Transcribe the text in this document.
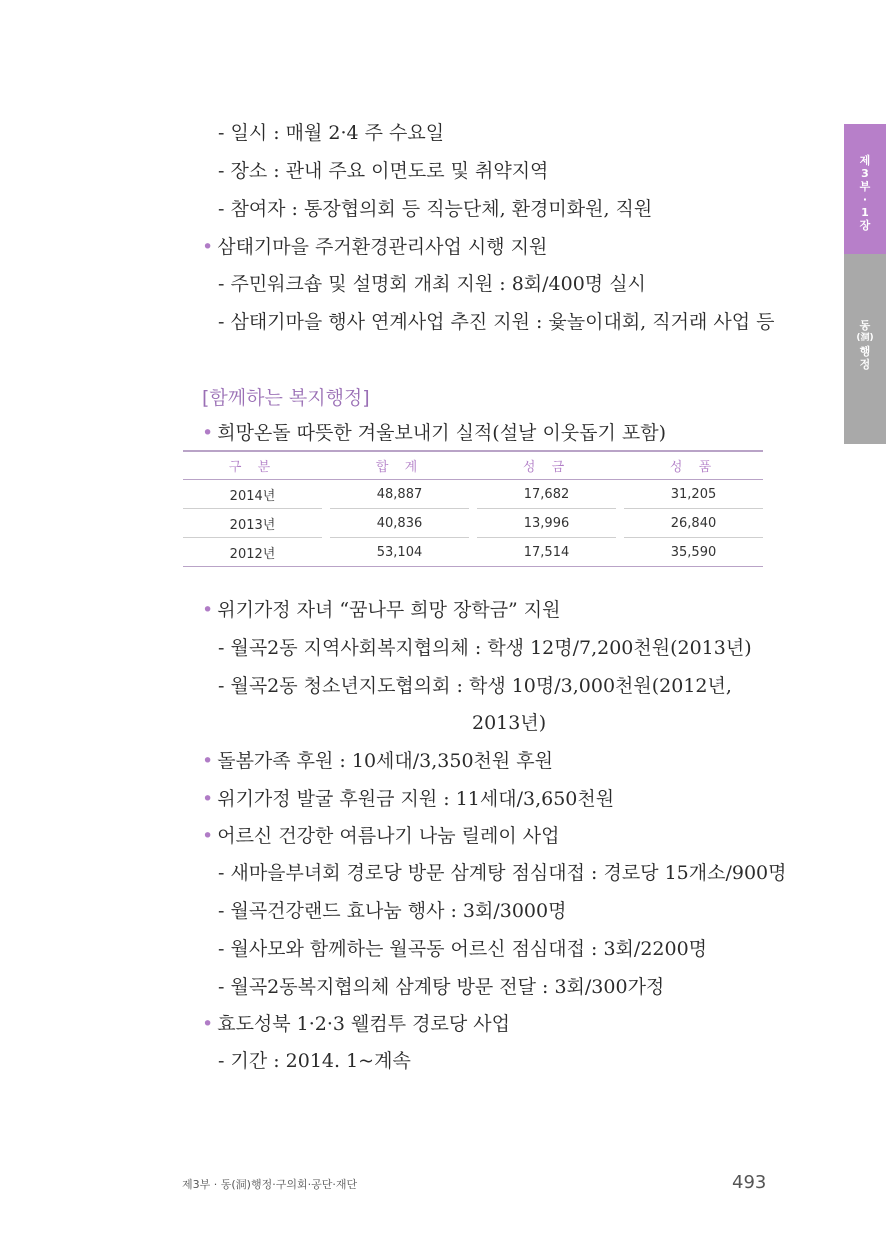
제
3
부
·
1
장
동
(洞)
행
정
- 일시 : 매월 2·4 주 수요일
- 장소 : 관내 주요 이면도로 및 취약지역
- 참여자 : 통장협의회 등 직능단체, 환경미화원, 직원
• 삼태기마을 주거환경관리사업 시행 지원
- 주민워크숍 및 설명회 개최 지원 : 8회/400명 실시
- 삼태기마을 행사 연계사업 추진 지원 : 윷놀이대회, 직거래 사업 등
[함께하는 복지행정]
• 희망온돌 따뜻한 겨울보내기 실적(설날 이웃돕기 포함)
구 분		합 계		성 금		성 품
2014년		48,887		17,682		31,205
2013년		40,836		13,996		26,840
2012년		53,104		17,514		35,590
• 위기가정 자녀 “꿈나무 희망 장학금” 지원
- 월곡2동 지역사회복지협의체 : 학생 12명/7,200천원(2013년)
- 월곡2동 청소년지도협의회 : 학생 10명/3,000천원(2012년,
2013년)
• 돌봄가족 후원 : 10세대/3,350천원 후원
• 위기가정 발굴 후원금 지원 : 11세대/3,650천원
• 어르신 건강한 여름나기 나눔 릴레이 사업
- 새마을부녀회 경로당 방문 삼계탕 점심대접 : 경로당 15개소/900명
- 월곡건강랜드 효나눔 행사 : 3회/3000명
- 월사모와 함께하는 월곡동 어르신 점심대접 : 3회/2200명
- 월곡2동복지협의체 삼계탕 방문 전달 : 3회/300가정
• 효도성북 1·2·3 웰컴투 경로당 사업
- 기간 : 2014. 1~계속
제3부 · 동(洞)행정·구의회·공단·재단	493
